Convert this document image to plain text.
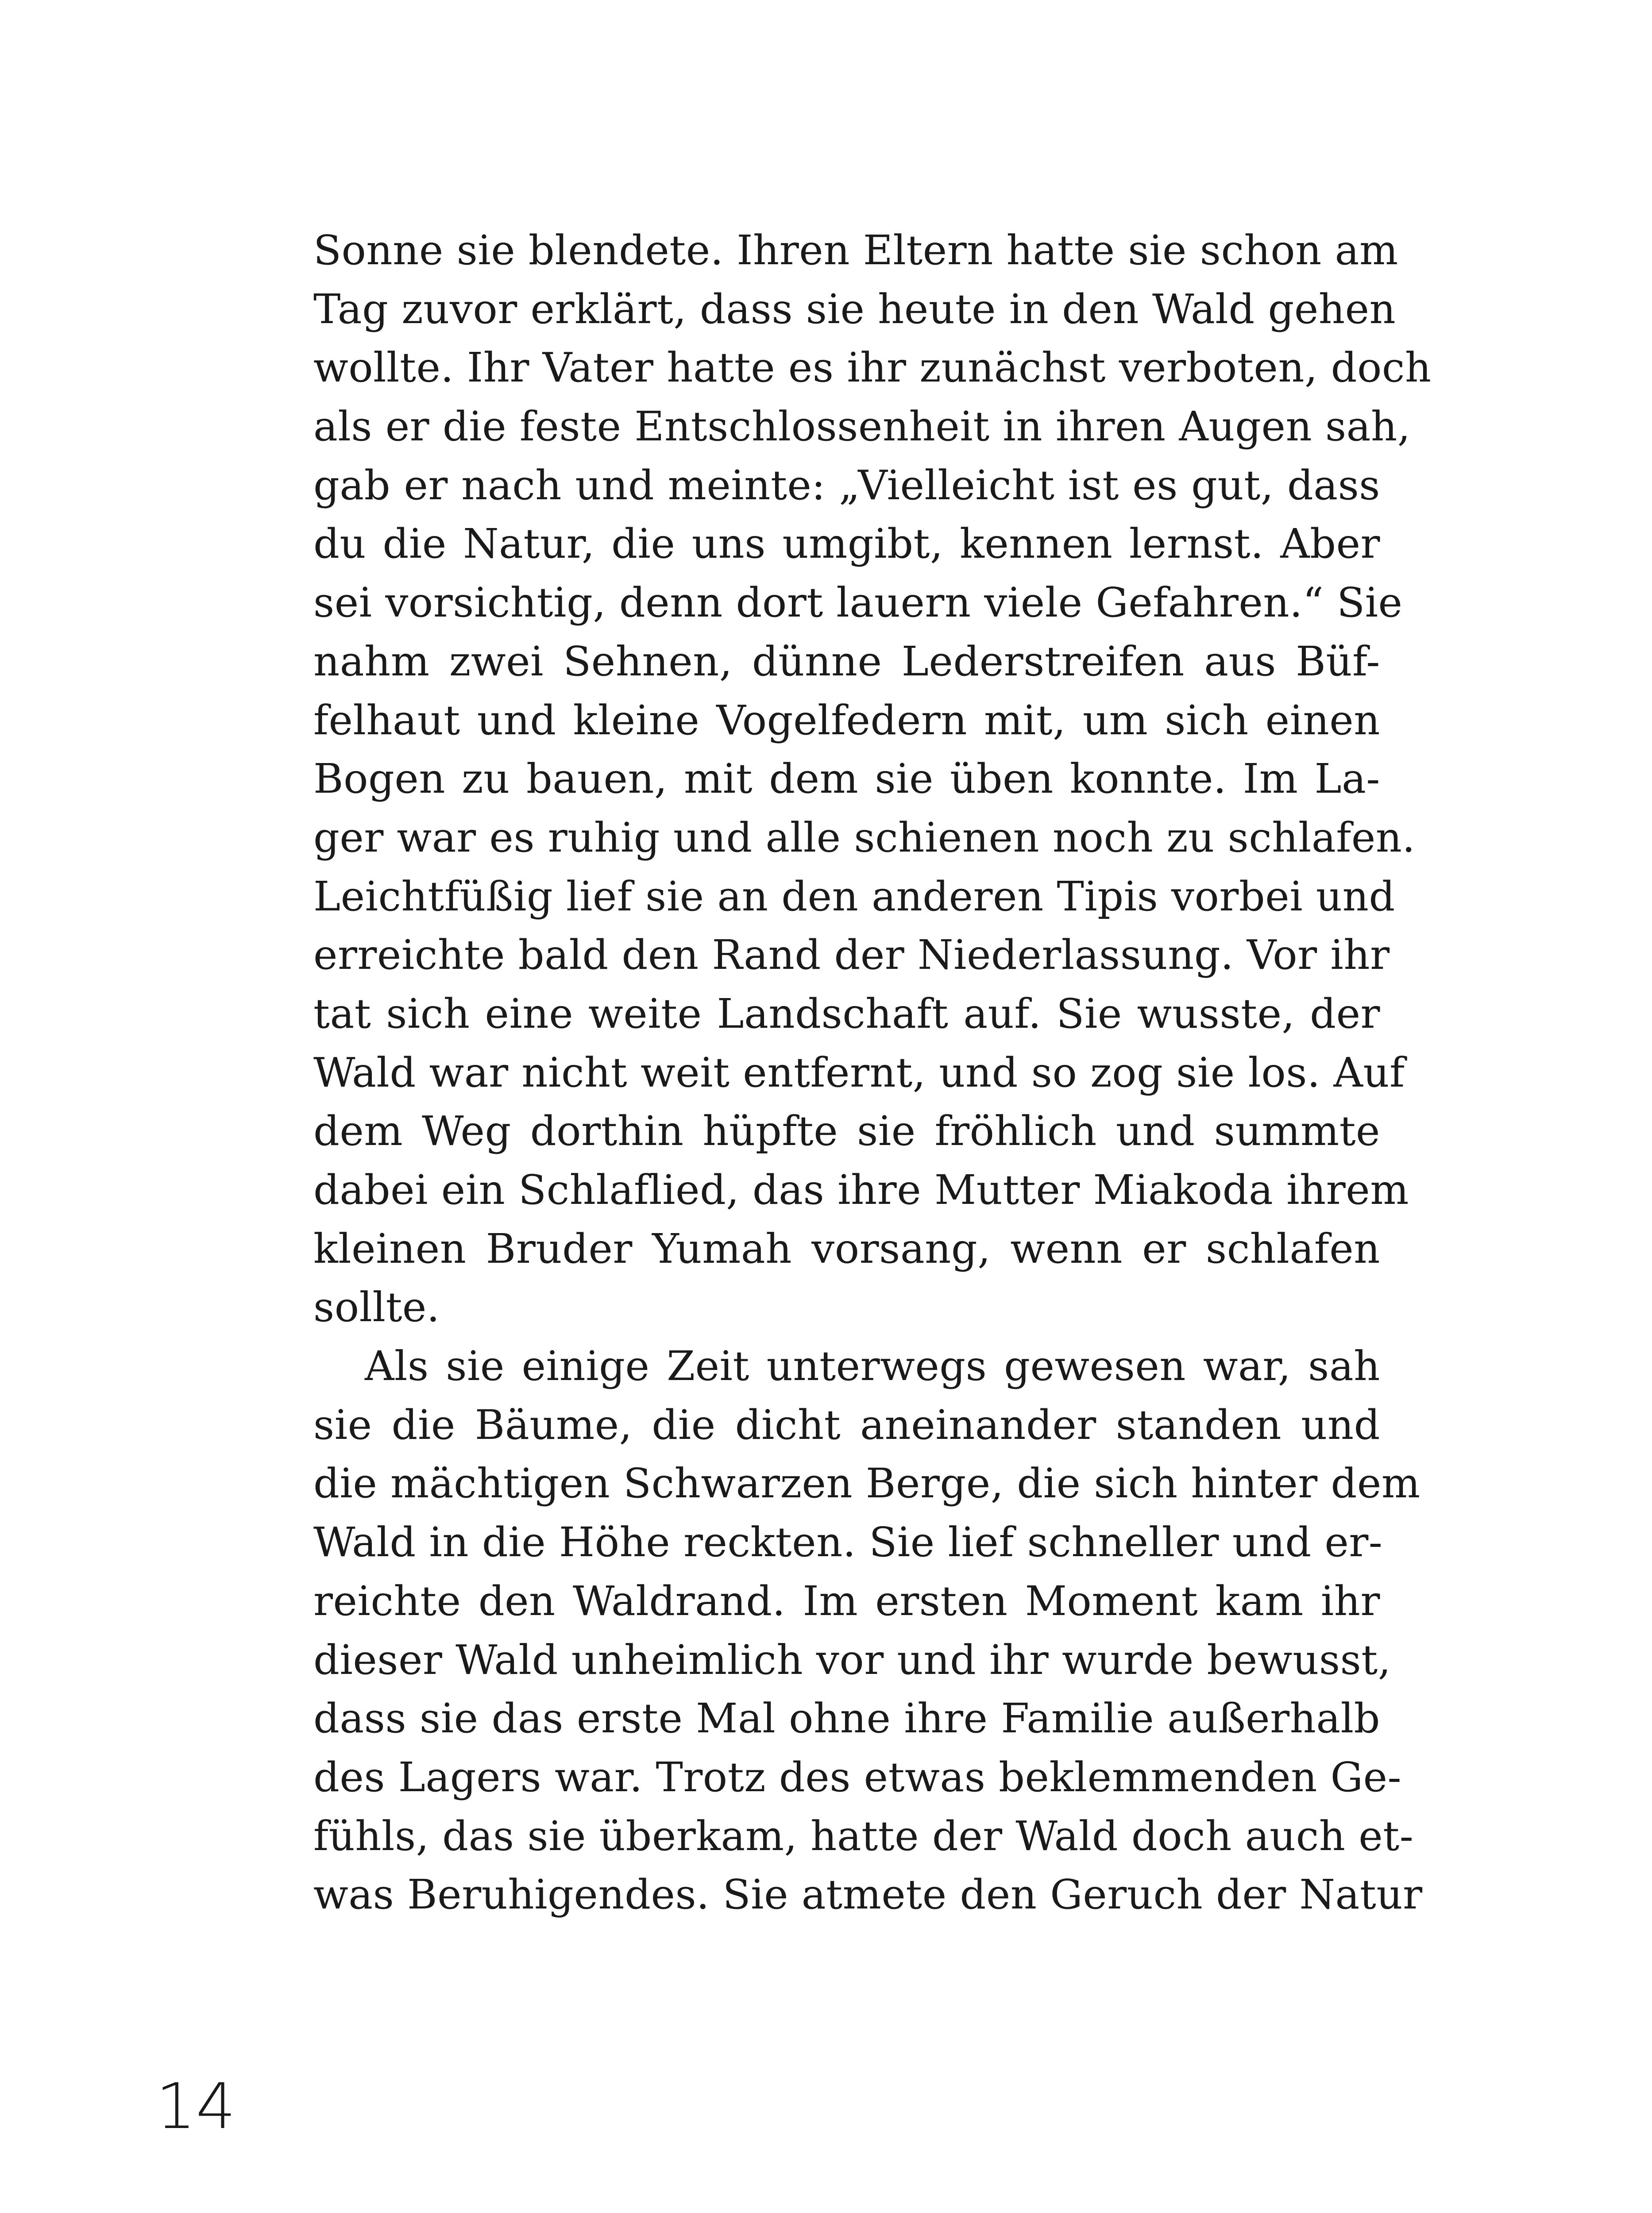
Sonne sie blendete. Ihren Eltern hatte sie schon am
Tag zuvor erklärt, dass sie heute in den Wald gehen
wollte. Ihr Vater hatte es ihr zunächst verboten, doch
als er die feste Entschlossenheit in ihren Augen sah,
gab er nach und meinte: „Vielleicht ist es gut, dass
du die Natur, die uns umgibt, kennen lernst. Aber
sei vorsichtig, denn dort lauern viele Gefahren.“ Sie
nahm zwei Sehnen, dünne Lederstreifen aus Büf-
felhaut und kleine Vogelfedern mit, um sich einen
Bogen zu bauen, mit dem sie üben konnte. Im La-
ger war es ruhig und alle schienen noch zu schlafen.
Leichtfüßig lief sie an den anderen Tipis vorbei und
erreichte bald den Rand der Niederlassung. Vor ihr
tat sich eine weite Landschaft auf. Sie wusste, der
Wald war nicht weit entfernt, und so zog sie los. Auf
dem Weg dorthin hüpfte sie fröhlich und summte
dabei ein Schlaflied, das ihre Mutter Miakoda ihrem
kleinen Bruder Yumah vorsang, wenn er schlafen
sollte.
Als sie einige Zeit unterwegs gewesen war, sah
sie die Bäume, die dicht aneinander standen und
die mächtigen Schwarzen Berge, die sich hinter dem
Wald in die Höhe reckten. Sie lief schneller und er-
reichte den Waldrand. Im ersten Moment kam ihr
dieser Wald unheimlich vor und ihr wurde bewusst,
dass sie das erste Mal ohne ihre Familie außerhalb
des Lagers war. Trotz des etwas beklemmenden Ge-
fühls, das sie überkam, hatte der Wald doch auch et-
was Beruhigendes. Sie atmete den Geruch der Natur
14
